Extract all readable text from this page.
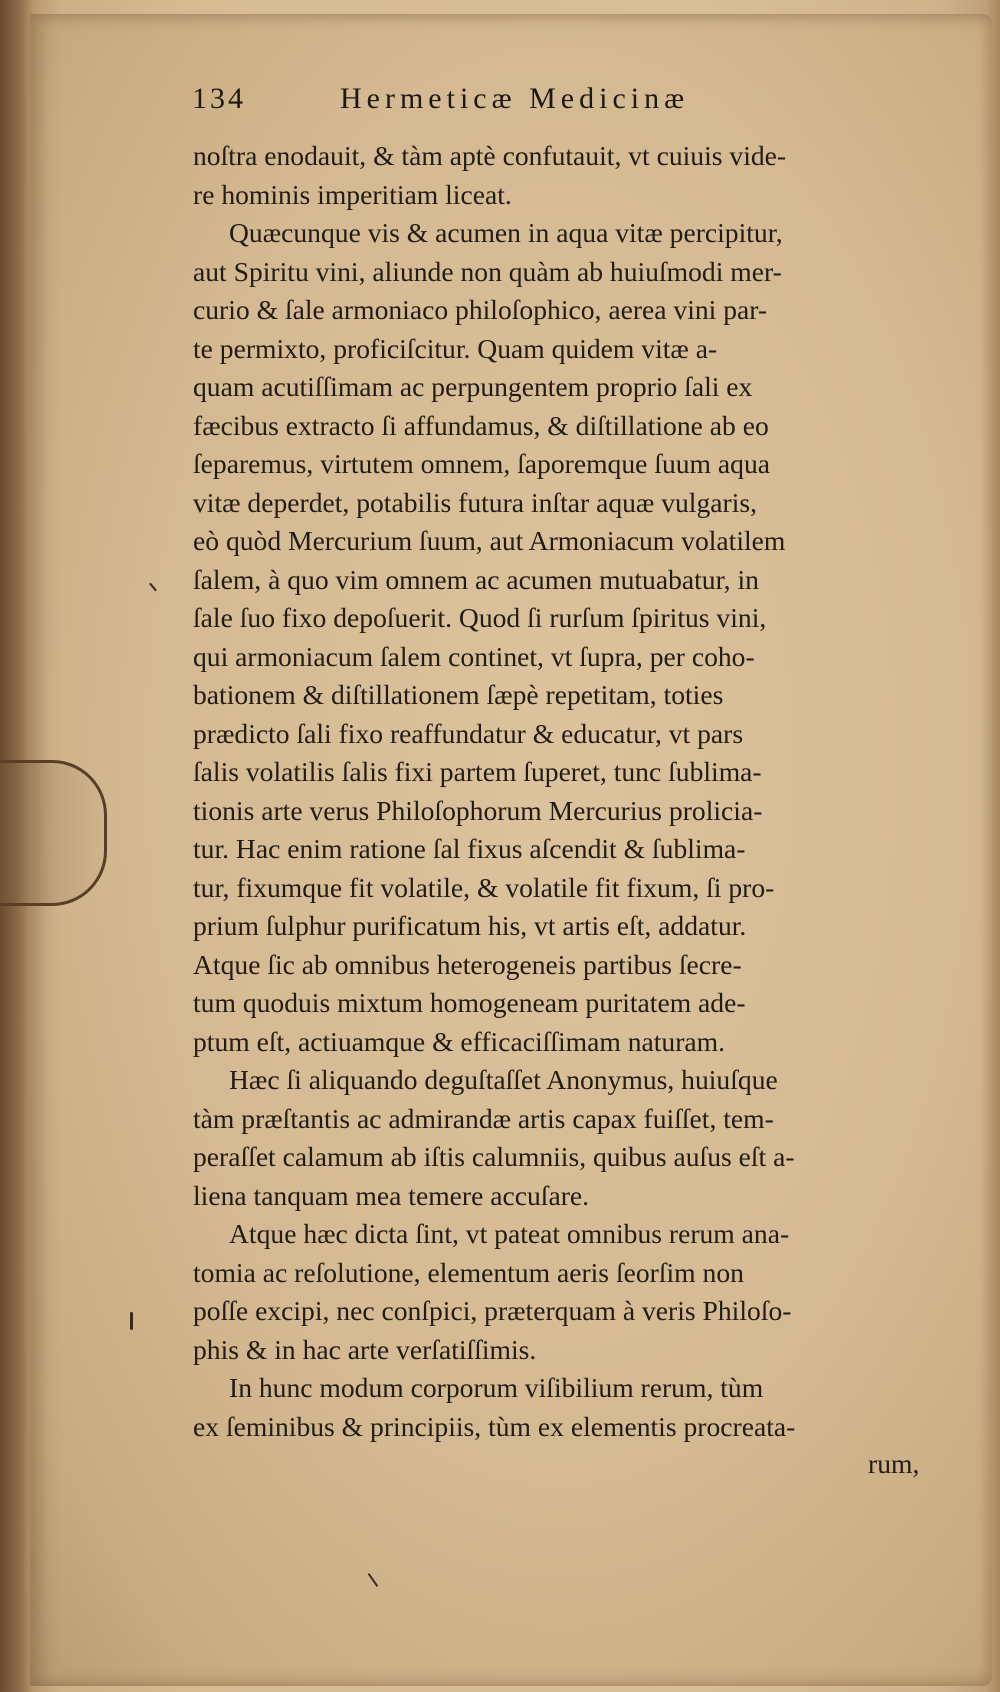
134	Hermeticæ Medicinæ
noſtra enodauit, & tàm aptè confutauit, vt cuiuis vide-
re hominis imperitiam liceat.
Quæcunque vis & acumen in aqua vitæ percipitur,
aut Spiritu vini, aliunde non quàm ab huiuſmodi mer-
curio & ſale armoniaco philoſophico, aerea vini par-
te permixto, proficiſcitur. Quam quidem vitæ a-
quam acutiſſimam ac perpungentem proprio ſali ex
fæcibus extracto ſi affundamus, & diſtillatione ab eo
ſeparemus, virtutem omnem, ſaporemque ſuum aqua
vitæ deperdet, potabilis futura inſtar aquæ vulgaris,
eò quòd Mercurium ſuum, aut Armoniacum volatilem
ſalem, à quo vim omnem ac acumen mutuabatur, in
ſale ſuo fixo depoſuerit. Quod ſi rurſum ſpiritus vini,
qui armoniacum ſalem continet, vt ſupra, per coho-
bationem & diſtillationem ſæpè repetitam, toties
prædicto ſali fixo reaffundatur & educatur, vt pars
ſalis volatilis ſalis fixi partem ſuperet, tunc ſublima-
tionis arte verus Philoſophorum Mercurius prolicia-
tur. Hac enim ratione ſal fixus aſcendit & ſublima-
tur, fixumque fit volatile, & volatile fit fixum, ſi pro-
prium ſulphur purificatum his, vt artis eſt, addatur.
Atque ſic ab omnibus heterogeneis partibus ſecre-
tum quoduis mixtum homogeneam puritatem ade-
ptum eſt, actiuamque & efficaciſſimam naturam.
Hæc ſi aliquando deguſtaſſet Anonymus, huiuſque
tàm præſtantis ac admirandæ artis capax fuiſſet, tem-
peraſſet calamum ab iſtis calumniis, quibus auſus eſt a-
liena tanquam mea temere accuſare.
Atque hæc dicta ſint, vt pateat omnibus rerum ana-
tomia ac reſolutione, elementum aeris ſeorſim non
poſſe excipi, nec conſpici, præterquam à veris Philoſo-
phis & in hac arte verſatiſſimis.
In hunc modum corporum viſibilium rerum, tùm
ex ſeminibus & principiis, tùm ex elementis procreata-
rum,
